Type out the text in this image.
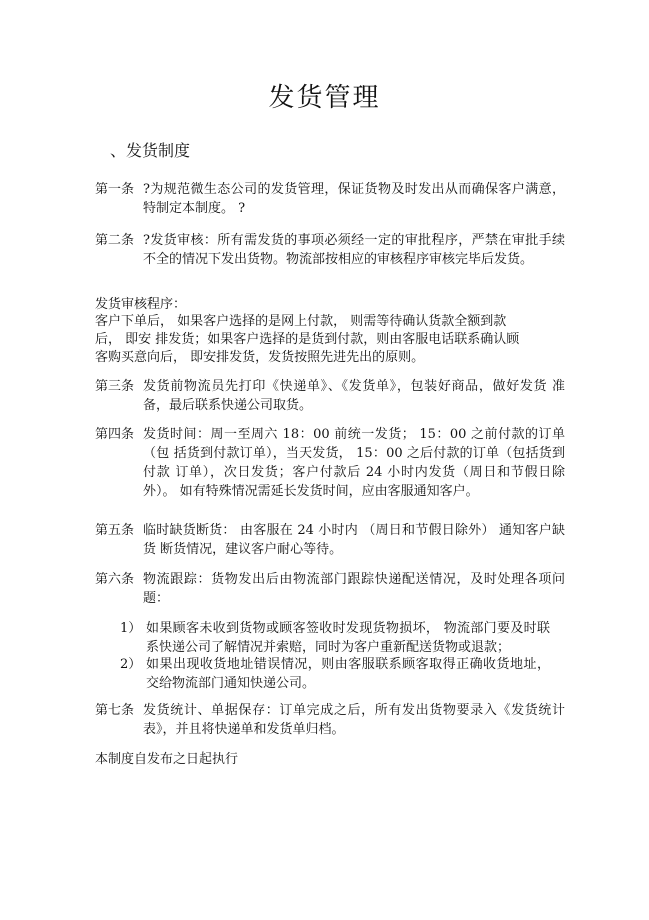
发货管理
、发货制度
第一条 ?为规范微生态公司的发货管理，保证货物及时发出从而确保客户满意， 特制定本制度。 ?
第二条 ?发货审核：所有需发货的事项必须经一定的审批程序，严禁在审批手续 不全的情况下发出货物。物流部按相应的审核程序审核完毕后发货。
发货审核程序：
客户下单后， 如果客户选择的是网上付款， 则需等待确认货款全额到款
后， 即安 排发货；如果客户选择的是货到付款，则由客服电话联系确认顾
客购买意向后， 即安排发货，发货按照先进先出的原则。
第三条 发货前物流员先打印《快递单》、《发货单》，包装好商品，做好发货 准备，最后联系快递公司取货。
第四条 发货时间：周一至周六 18：00 前统一发货； 15：00 之前付款的订单 （包 括货到付款订单），当天发货， 15：00 之后付款的订单（包括货到付款 订单），次日发货；客户付款后 24 小时内发货（周日和节假日除外）。 如有特殊情况需延长发货时间，应由客服通知客户。
第五条 临时缺货断货： 由客服在 24 小时内 （周日和节假日除外） 通知客户缺货 断货情况，建议客户耐心等待。
第六条 物流跟踪：货物发出后由物流部门跟踪快递配送情况，及时处理各项问 题：
1） 如果顾客未收到货物或顾客签收时发现货物损坏， 物流部门要及时联 系快递公司了解情况并索赔，同时为客户重新配送货物或退款；
2） 如果出现收货地址错误情况，则由客服联系顾客取得正确收货地址， 交给物流部门通知快递公司。
第七条 发货统计、单据保存：订单完成之后，所有发出货物要录入《发货统计 表》，并且将快递单和发货单归档。
本制度自发布之日起执行
